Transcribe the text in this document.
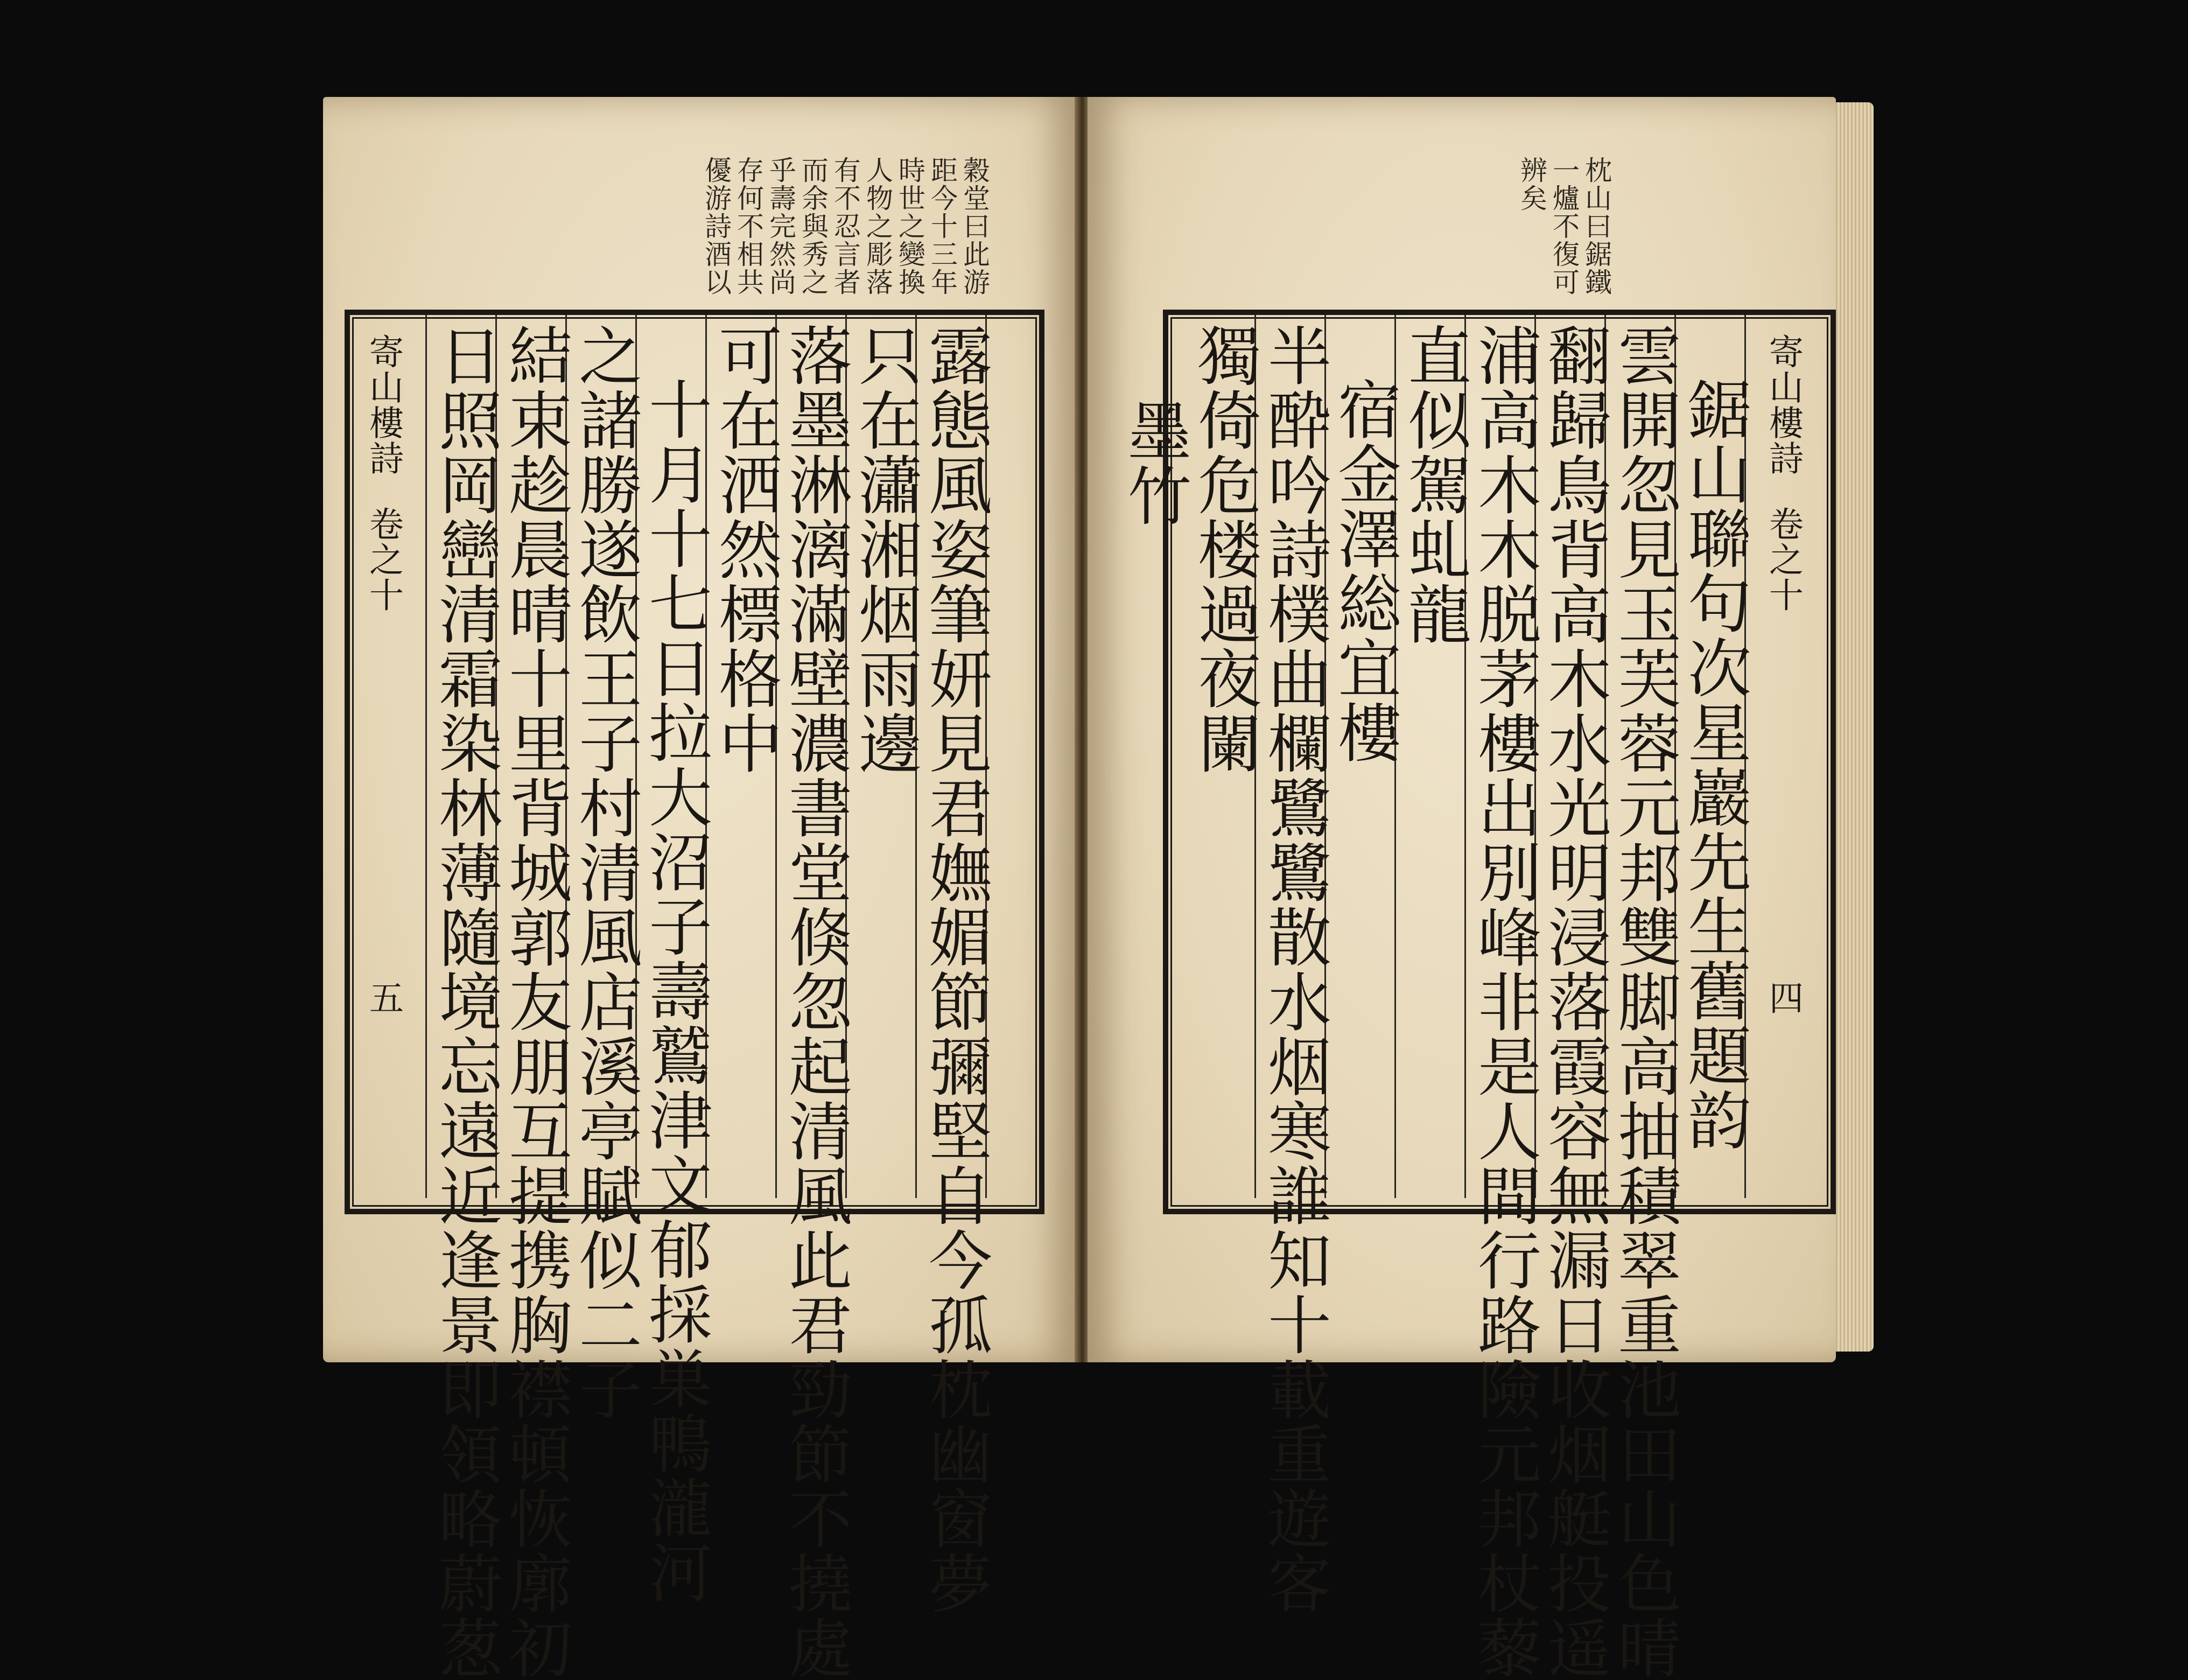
穀堂曰此游
距今十三年
時世之變換
人物之彫落
有不忍言者
而余與秀之
乎壽完然尚
存何不相共
優游詩酒以
寄山樓詩
卷之十
五	露態風姿筆妍見君嫵媚節彌堅自今孤枕幽窗夢
只在瀟湘烟雨邊
落墨淋漓滿壁濃書堂倏忽起清風此君勁節不撓處
可在洒然標格中
十月十七日拉大沼子壽鷲津文郁採巣鴨瀧河
之諸勝遂飲王子村清風店溪亭賦似二子
結束趁晨晴十里背城郭友朋互提携胸襟頓恢廓初
日照岡巒清霜染林薄隨境忘遠近逢景即領略蔚葱
枕山曰鋸鐵
一爐不復可
辨矣
寄山樓詩
卷之十
四
鋸山聯句次星巖先生舊題韵
雲開忽見玉芙蓉元邦雙脚高抽積翠重池田山色晴
翻歸鳥背高木水光明浸落霞容無漏日收烟艇投遥
浦高木木脱茅樓出別峰非是人間行路險元邦杖藜
直似駕虬龍
宿金澤総宜樓
半酔吟詩樸曲欄鷺鷺散水烟寒誰知十載重遊客
獨倚危楼過夜闌
墨竹
